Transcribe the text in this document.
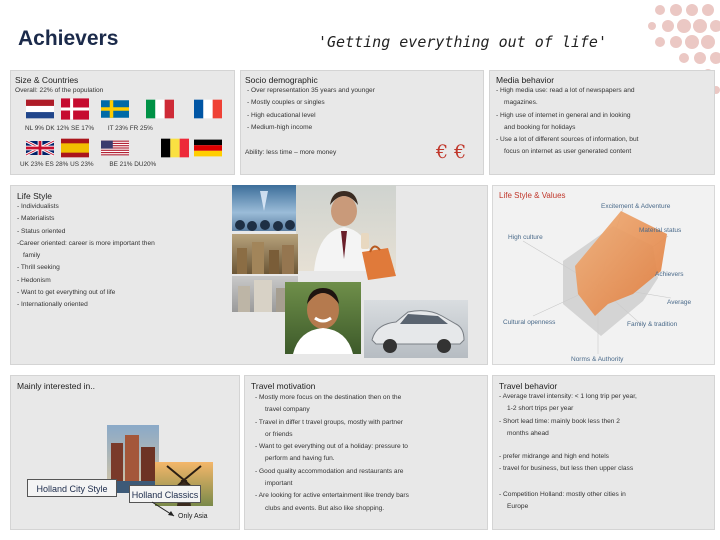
Achievers	'Getting everything out of life'
Size & Countries
Overall: 22% of the population
NL 9% DK 12% SE 17% IT 23% FR 25%
UK 23% ES 28% US 23% BE 21% DU20%
Socio demographic
- Over representation 35 years and younger
- Mostly couples or singles
- High educational level
- Medium-high income
Ability: less time – more money	€ €
Media behavior
- High media use: read a lot of newspapers and
magazines.
- High use of internet in general and in looking
and booking for holidays
- Use a lot of different sources of information, but
focus on internet as user generated content
Life Style
- Individualists
- Materialists
- Status oriented
-Career oriented: career is more important then
family
- Thrill seeking
- Hedonism
- Want to get everything out of life
- Internationally oriented
Life Style & Values
Excitement & Adventure
Material status
Achievers
Average
Family & tradition
Norms & Authority
Cultural openness
High culture
Mainly interested in..
Holland City Style
Holland Classics
Only Asia
Travel motivation
- Mostly more focus on the destination then on the
travel company
- Travel in differ t travel groups, mostly with partner
or friends
- Want to get everything out of a holiday: pressure to
perform and having fun.
- Good quality accommodation and restaurants are
important
- Are looking for active entertainment like trendy bars
clubs and events. But also like shopping.
Travel behavior
- Average travel intensity: < 1 long trip per year,
1-2 short trips per year
- Short lead time: mainly book less then 2
months ahead
- prefer midrange and high end hotels
- travel for business, but less then upper class
- Competition Holland: mostly other cities in
Europe
